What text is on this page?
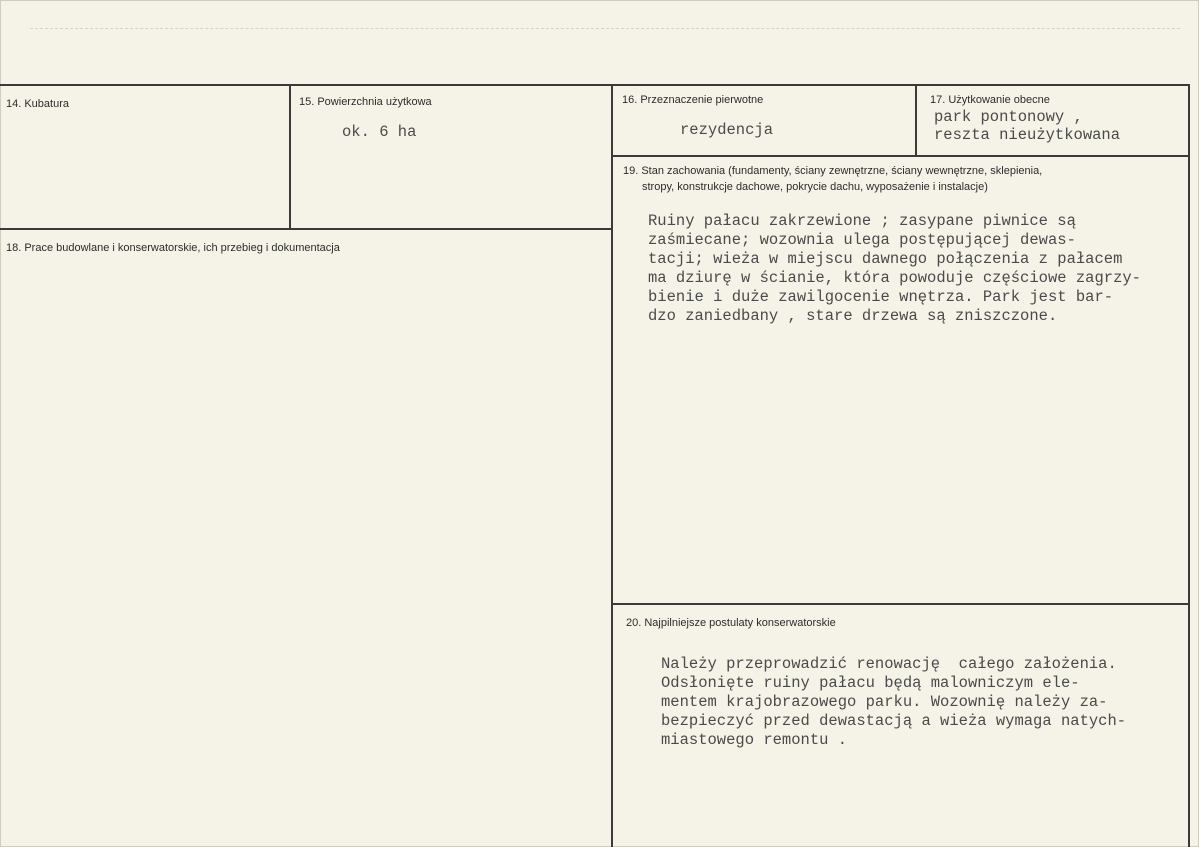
14. Kubatura	15. Powierzchnia użytkowa
ok. 6 ha
16. Przeznaczenie pierwotne
rezydencja
17. Użytkowanie obecne
park pontonowy ,
reszta nieużytkowana
18. Prace budowlane i konserwatorskie, ich przebieg i dokumentacja
19. Stan zachowania (fundamenty, ściany zewnętrzne, ściany wewnętrzne, sklepienia,
stropy, konstrukcje dachowe, pokrycie dachu, wyposażenie i instalacje)
Ruiny pałacu zakrzewione ; zasypane piwnice są
zaśmiecane; wozownia ulega postępującej dewas-
tacji; wieża w miejscu dawnego połączenia z pałacem
ma dziurę w ścianie, która powoduje częściowe zagrzy-
bienie i duże zawilgocenie wnętrza. Park jest bar-
dzo zaniedbany , stare drzewa są zniszczone.
20. Najpilniejsze postulaty konserwatorskie
Należy przeprowadzić renowację  całego założenia.
Odsłonięte ruiny pałacu będą malowniczym ele-
mentem krajobrazowego parku. Wozownię należy za-
bezpieczyć przed dewastacją a wieża wymaga natych-
miastowego remontu .
